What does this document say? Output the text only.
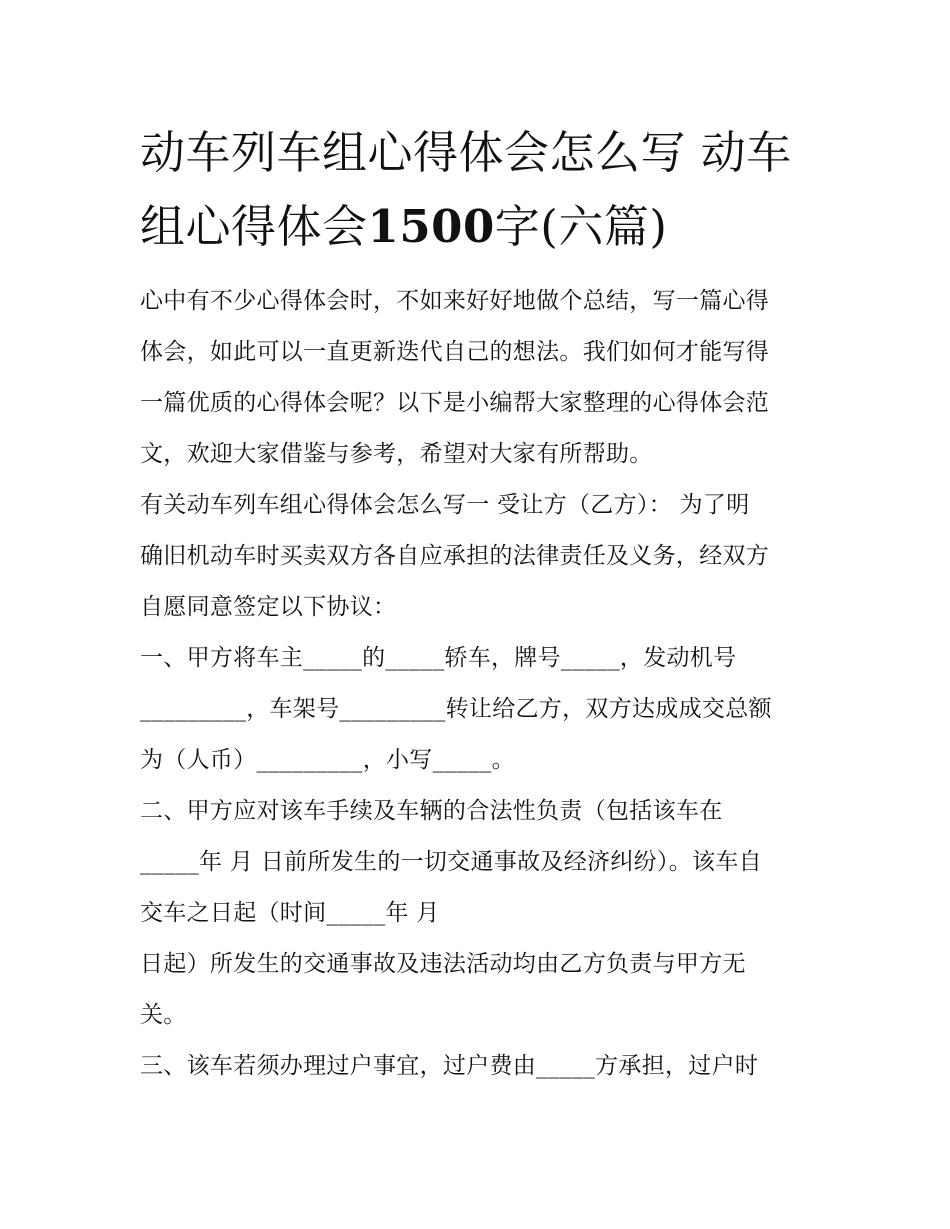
动车列车组心得体会怎么写 动车组心得体会1500字(六篇)

心中有不少心得体会时，不如来好好地做个总结，写一篇心得
体会，如此可以一直更新迭代自己的想法。我们如何才能写得
一篇优质的心得体会呢？以下是小编帮大家整理的心得体会范
文，欢迎大家借鉴与参考，希望对大家有所帮助。

有关动车列车组心得体会怎么写一 受让方（乙方）： 为了明
确旧机动车时买卖双方各自应承担的法律责任及义务，经双方
自愿同意签定以下协议：

一、甲方将车主_____的_____轿车，牌号_____，发动机号
_________，车架号_________转让给乙方，双方达成成交总额
为（人币）_________，小写_____。

二、甲方应对该车手续及车辆的合法性负责（包括该车在
_____年 月 日前所发生的一切交通事故及经济纠纷）。该车自
交车之日起（时间_____年 月
日起）所发生的交通事故及违法活动均由乙方负责与甲方无
关。

三、该车若须办理过户事宜，过户费由_____方承担，过户时
